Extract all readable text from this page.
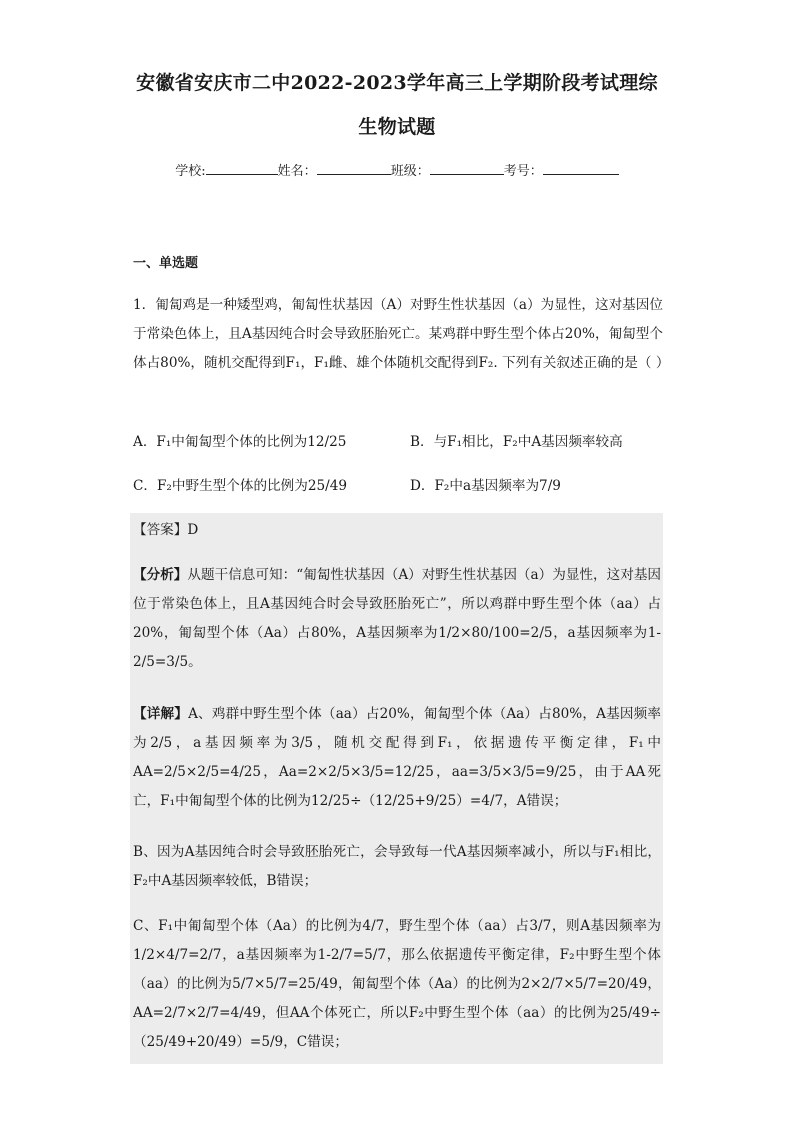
安徽省安庆市二中2022-2023学年高三上学期阶段考试理综
生物试题
学校:	姓名：	班级：	考号：
一、单选题
1．匍匐鸡是一种矮型鸡，匍匐性状基因（A）对野生性状基因（a）为显性，这对基因位于常染色体上，且A基因纯合时会导致胚胎死亡。某鸡群中野生型个体占20%，匍匐型个体占80%，随机交配得到F₁，F₁雌、雄个体随机交配得到F₂. 下列有关叙述正确的是（ ）
A．F₁中匍匐型个体的比例为12/25	B．与F₁相比，F₂中A基因频率较高
C．F₂中野生型个体的比例为25/49	D．F₂中a基因频率为7/9
【答案】D
【分析】从题干信息可知：“匍匐性状基因（A）对野生性状基因（a）为显性，这对基因位于常染色体上，且A基因纯合时会导致胚胎死亡”，所以鸡群中野生型个体（aa）占20%，匍匐型个体（Aa）占80%，A基因频率为1/2×80/100=2/5，a基因频率为1-2/5=3/5。
【详解】A、鸡群中野生型个体（aa）占20%，匍匐型个体（Aa）占80%，A基因频率为2/5，a基因频率为3/5，随机交配得到F₁，依据遗传平衡定律，F₁中AA=2/5×2/5=4/25，Aa=2×2/5×3/5=12/25，aa=3/5×3/5=9/25，由于AA死亡，F₁中匍匐型个体的比例为12/25÷（12/25+9/25）=4/7，A错误；
B、因为A基因纯合时会导致胚胎死亡，会导致每一代A基因频率减小，所以与F₁相比，F₂中A基因频率较低，B错误；
C、F₁中匍匐型个体（Aa）的比例为4/7，野生型个体（aa）占3/7，则A基因频率为1/2×4/7=2/7，a基因频率为1-2/7=5/7，那么依据遗传平衡定律，F₂中野生型个体（aa）的比例为5/7×5/7=25/49，匍匐型个体（Aa）的比例为2×2/7×5/7=20/49，AA=2/7×2/7=4/49，但AA个体死亡，所以F₂中野生型个体（aa）的比例为25/49÷（25/49+20/49）=5/9，C错误；
